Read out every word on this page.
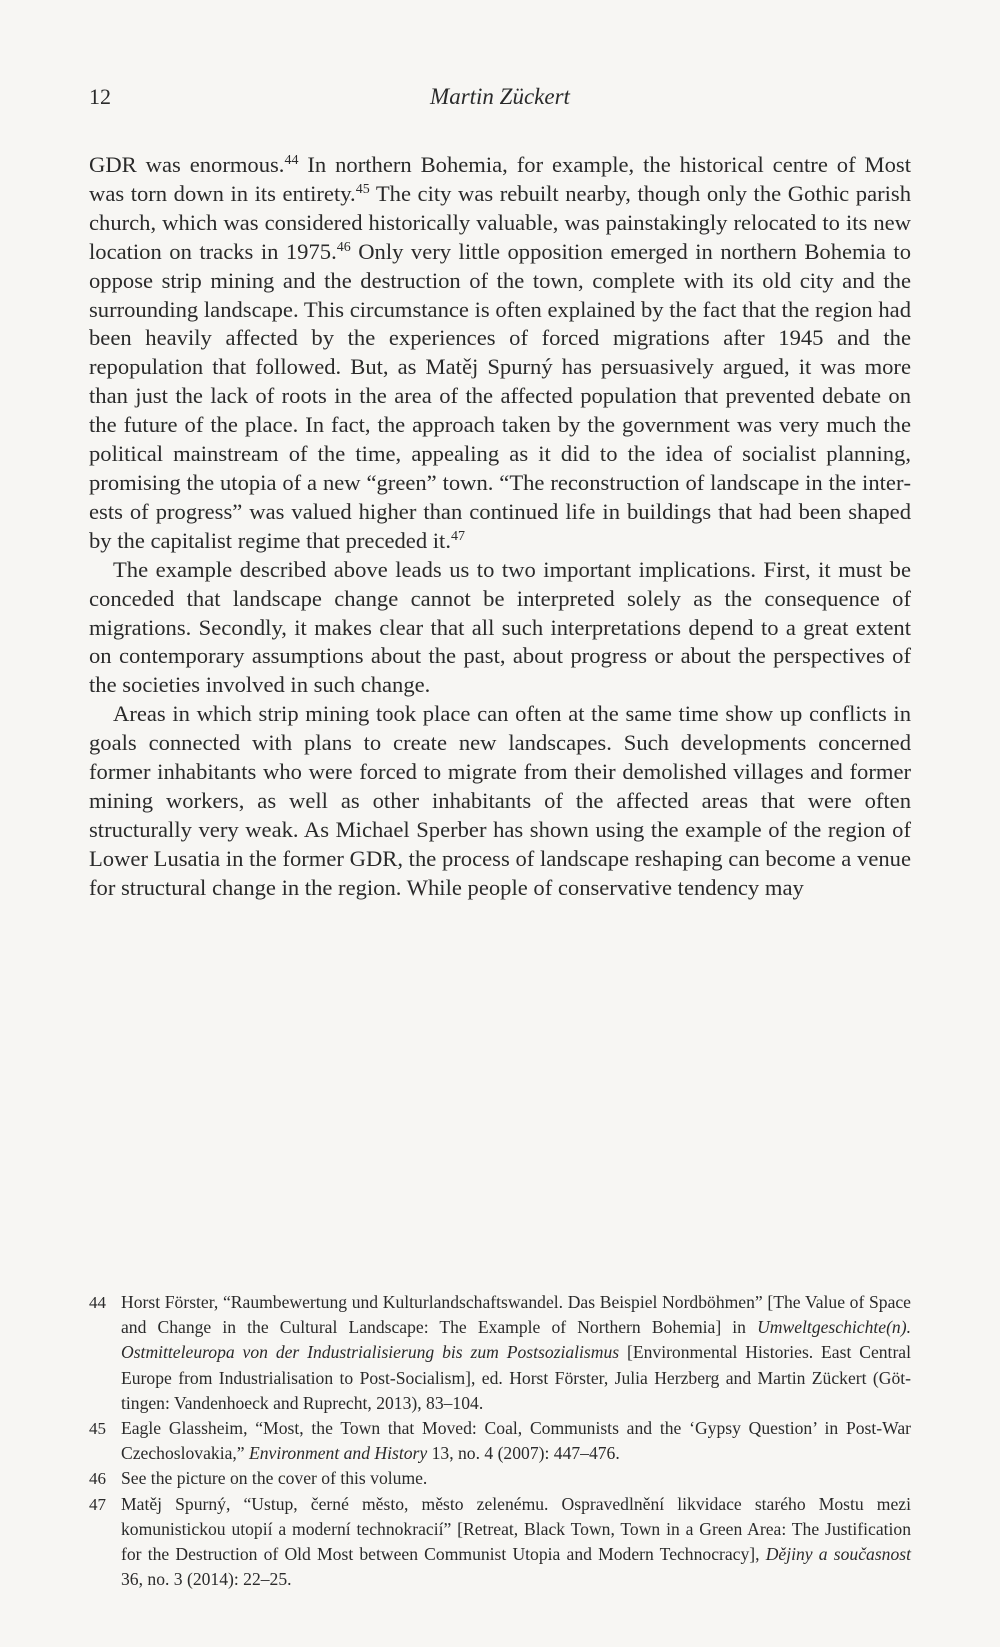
12	Martin Zückert

GDR was enormous.$^{44}$ In northern Bohemia, for example, the historical centre of Most was torn down in its entirety.$^{45}$ The city was rebuilt nearby, though only the Gothic parish church, which was considered historically valuable, was painstakingly relocated to its new location on tracks in 1975.46 Only very little opposition emerged in northern Bohemia to oppose strip mining and the destruction of the town, complete with its old city and the surrounding landscape. This circumstance is often explained by the fact that the region had been heavily affected by the experiences of forced migrations after 1945 and the repopulation that followed. But, as Matěj Spurný has persuasively argued, it was more than just the lack of roots in the area of the affected population that prevented debate on the future of the place. In fact, the approach taken by the government was very much the political mainstream of the time, appealing as it did to the idea of socialist planning, promising the utopia of a new “green” town. “The reconstruction of landscape in the interests of progress” was valued higher than continued life in buildings that had been shaped by the capitalist regime that preceded it.$^{47}$

The example described above leads us to two important implications. First, it must be conceded that landscape change cannot be interpreted solely as the consequence of migrations. Secondly, it makes clear that all such interpretations depend to a great extent on contemporary assumptions about the past, about progress or about the perspectives of the societies involved in such change.

Areas in which strip mining took place can often at the same time show up conflicts in goals connected with plans to create new landscapes. Such developments concerned former inhabitants who were forced to migrate from their demolished villages and former mining workers, as well as other inhabitants of the affected areas that were often structurally very weak. As Michael Sperber has shown using the example of the region of Lower Lusatia in the former GDR, the process of landscape reshaping can become a venue for structural change in the region. While people of conservative tendency may

44 Horst Förster, “Raumbewertung und Kulturlandschaftswandel. Das Beispiel Nordböhmen” [The Value of Space and Change in the Cultural Landscape: The Example of Northern Bohemia] in Umweltgeschichte(n). Ostmitteleuropa von der Industrialisierung bis zum Postsozialismus [Environmental Histories. East Central Europe from Industrialisation to Post-Socialism], ed. Horst Förster, Julia Herzberg and Martin Zückert (Göttingen: Vandenhoeck and Ruprecht, 2013), 83–104.
45 Eagle Glassheim, “Most, the Town that Moved: Coal, Communists and the ‘Gypsy Question’ in Post-War Czechoslovakia,” Environment and History 13, no. 4 (2007): 447–476.
46 See the picture on the cover of this volume.
47 Matěj Spurný, “Ustup, černé město, město zelenému. Ospravedlnění likvidace starého Mostu mezi komunistickou utopií a moderní technokracií” [Retreat, Black Town, Town in a Green Area: The Justification for the Destruction of Old Most between Communist Utopia and Modern Technocracy], Dějiny a současnost 36, no. 3 (2014): 22–25.
